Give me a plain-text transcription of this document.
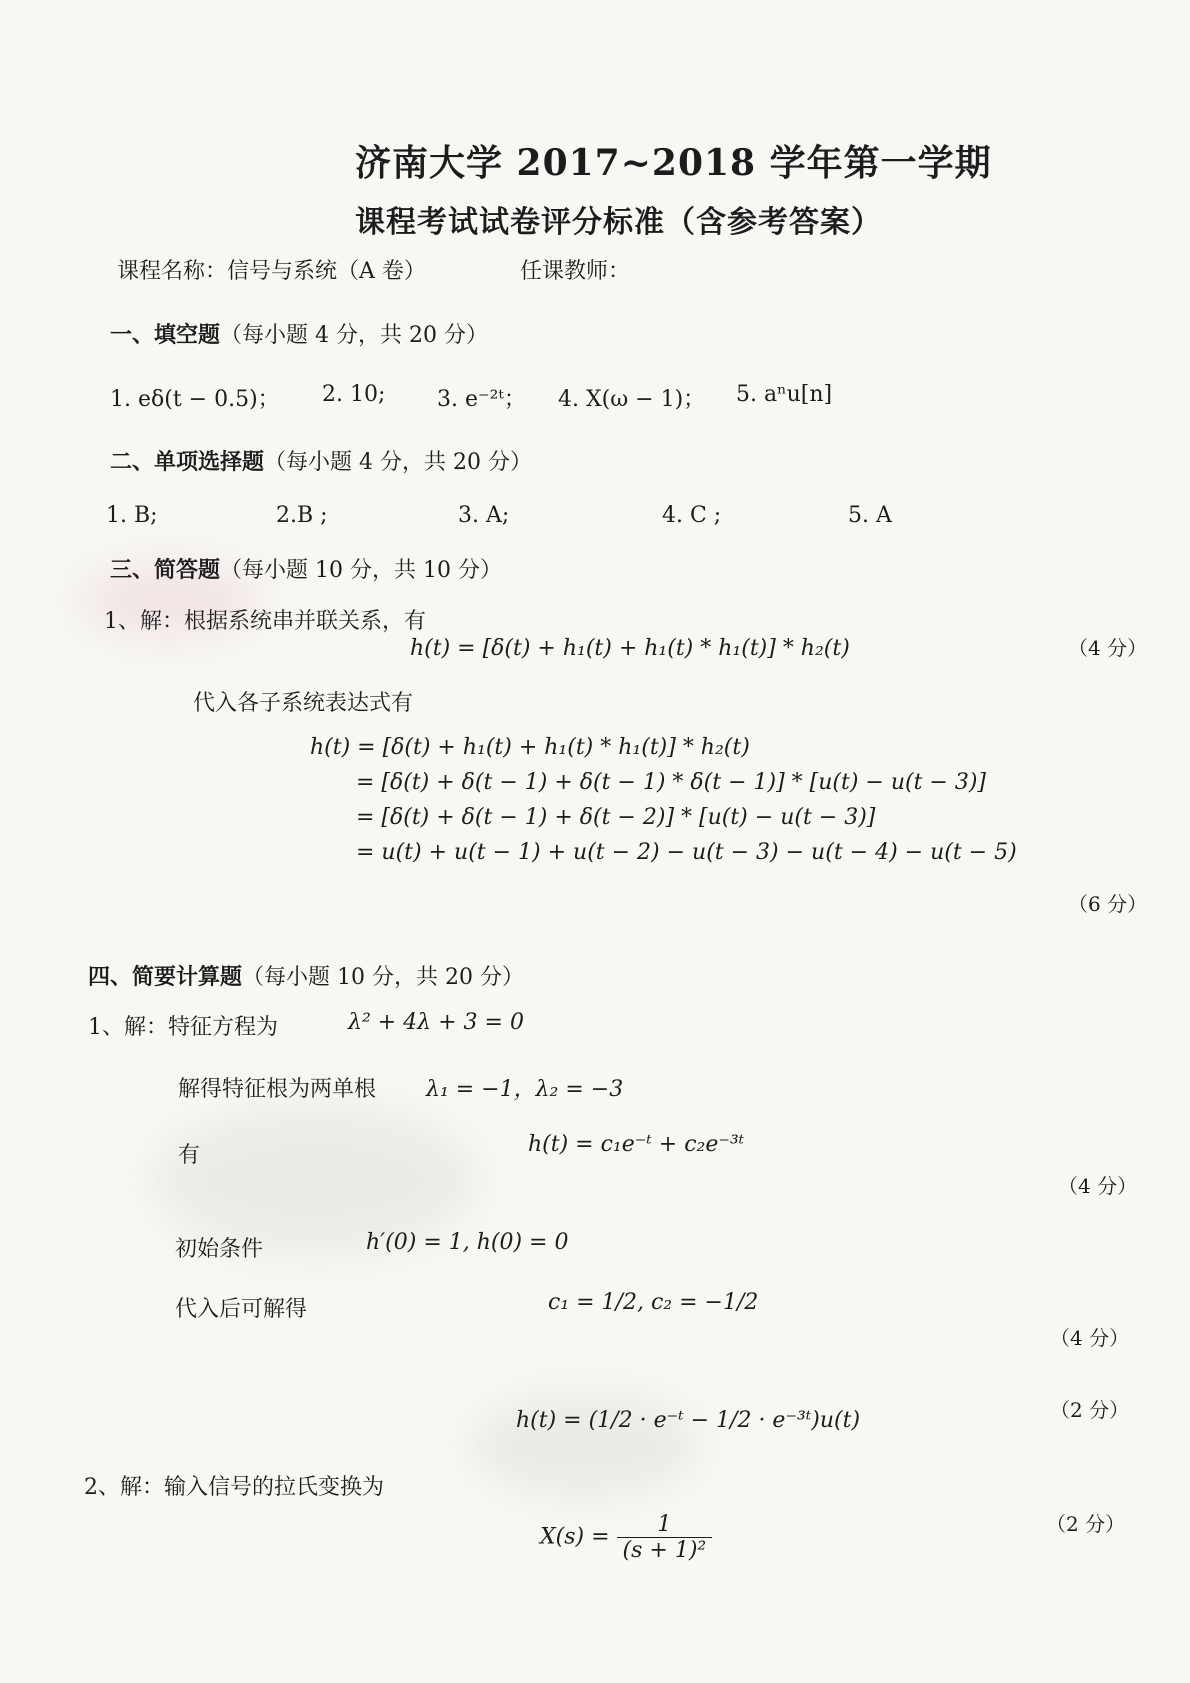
济南大学 2017~2018 学年第一学期
课程考试试卷评分标准（含参考答案）
课程名称：信号与系统（A 卷）	任课教师：
一、填空题（每小题 4 分，共 20 分）
1. eδ(t − 0.5)； 2. 10; 3. e⁻²ᵗ； 4. X(ω − 1)； 5. aⁿu[n]
二、单项选择题（每小题 4 分，共 20 分）
1. B;	2.B ;	3. A;	4. C ;	5. A
三、简答题（每小题 10 分，共 10 分）
1、解：根据系统串并联关系，有
h(t) = [δ(t) + h₁(t) + h₁(t) * h₁(t)] * h₂(t)	（4 分）
代入各子系统表达式有
h(t) = [δ(t) + h₁(t) + h₁(t) * h₁(t)] * h₂(t)
= [δ(t) + δ(t − 1) + δ(t − 1) * δ(t − 1)] * [u(t) − u(t − 3)]
= [δ(t) + δ(t − 1) + δ(t − 2)] * [u(t) − u(t − 3)]
= u(t) + u(t − 1) + u(t − 2) − u(t − 3) − u(t − 4) − u(t − 5)
（6 分）
四、简要计算题（每小题 10 分，共 20 分）
1、解：特征方程为	λ² + 4λ + 3 = 0
解得特征根为两单根 λ₁ = −1，λ₂ = −3
有	h(t) = c₁e⁻ᵗ + c₂e⁻³ᵗ
（4 分）
初始条件	h′(0) = 1, h(0) = 0
代入后可解得	c₁ = 1/2, c₂ = −1/2
（4 分）
h(t) = (1/2 · e⁻ᵗ − 1/2 · e⁻³ᵗ)u(t)	（2 分）
2、解：输入信号的拉氏变换为
$X(s) = \frac{1}{\text{(s + 1)²}}$	（2 分）
